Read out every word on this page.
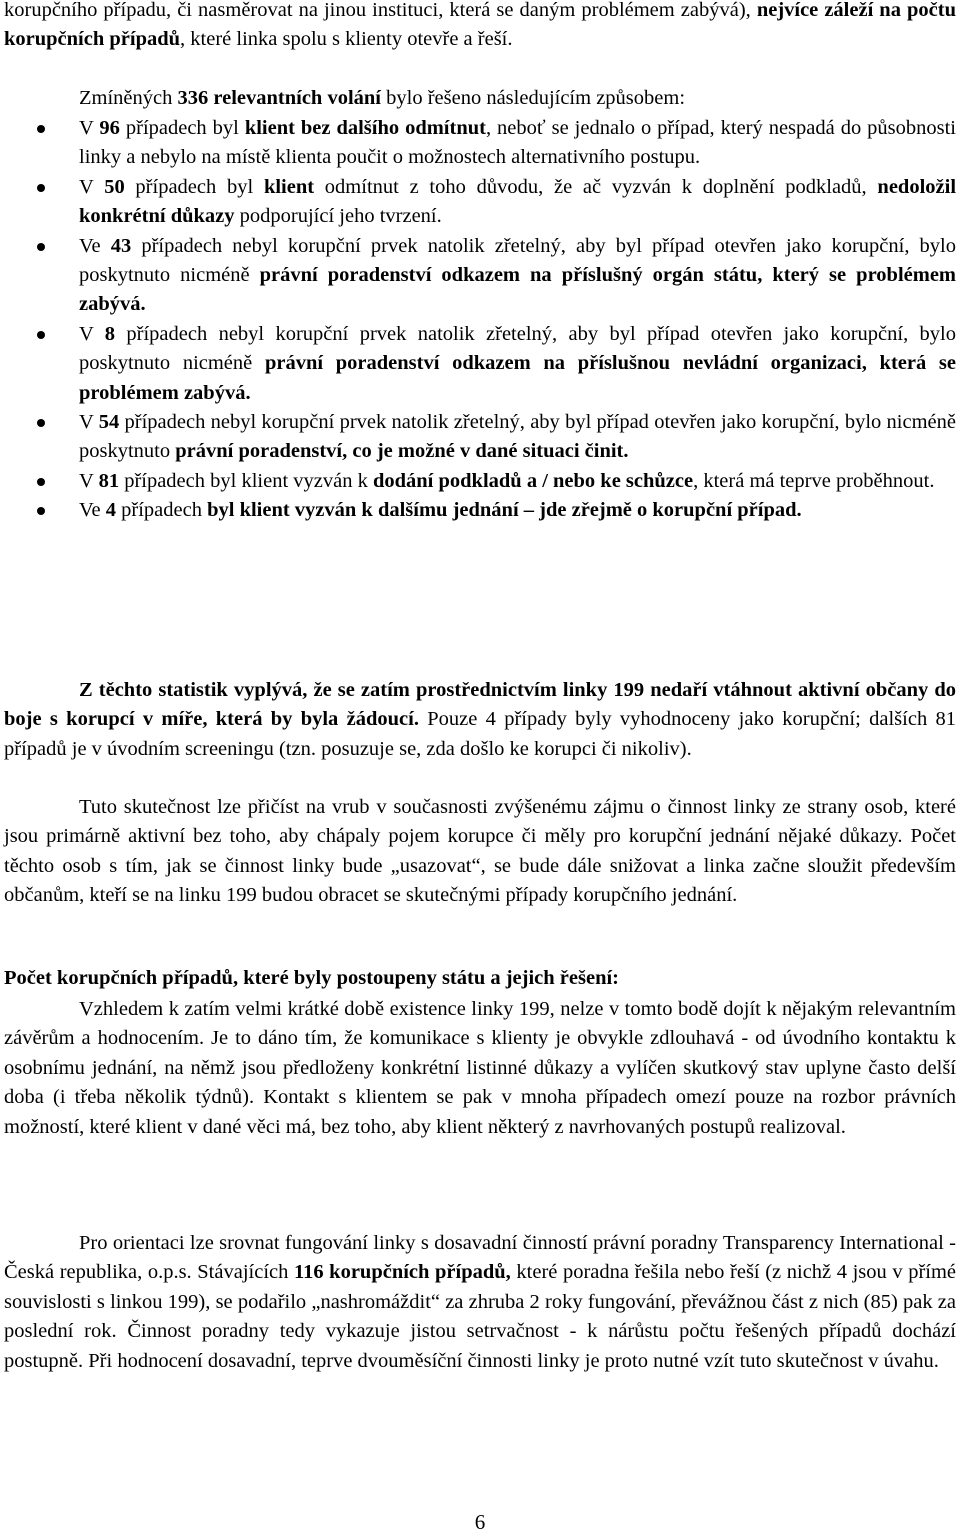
korupčního případu, či nasměrovat na jinou instituci, která se daným problémem zabývá), nejvíce záleží na počtu korupčních případů, které linka spolu s klienty otevře a řeší.

Zmíněných 336 relevantních volání bylo řešeno následujícím způsobem:

V 96 případech byl klient bez dalšího odmítnut, neboť se jednalo o případ, který nespadá do působnosti linky a nebylo na místě klienta poučit o možnostech alternativního postupu.
V 50 případech byl klient odmítnut z toho důvodu, že ač vyzván k doplnění podkladů, nedoložil konkrétní důkazy podporující jeho tvrzení.
Ve 43 případech nebyl korupční prvek natolik zřetelný, aby byl případ otevřen jako korupční, bylo poskytnuto nicméně právní poradenství odkazem na příslušný orgán státu, který se problémem zabývá.
V 8 případech nebyl korupční prvek natolik zřetelný, aby byl případ otevřen jako korupční, bylo poskytnuto nicméně právní poradenství odkazem na příslušnou nevládní organizaci, která se problémem zabývá.
V 54 případech nebyl korupční prvek natolik zřetelný, aby byl případ otevřen jako korupční, bylo nicméně poskytnuto právní poradenství, co je možné v dané situaci činit.
V 81 případech byl klient vyzván k dodání podkladů a / nebo ke schůzce, která má teprve proběhnout.
Ve 4 případech byl klient vyzván k dalšímu jednání – jde zřejmě o korupční případ.

Z těchto statistik vyplývá, že se zatím prostřednictvím linky 199 nedaří vtáhnout aktivní občany do boje s korupcí v míře, která by byla žádoucí. Pouze 4 případy byly vyhodnoceny jako korupční; dalších 81 případů je v úvodním screeningu (tzn. posuzuje se, zda došlo ke korupci či nikoliv).

Tuto skutečnost lze přičíst na vrub v současnosti zvýšenému zájmu o činnost linky ze strany osob, které jsou primárně aktivní bez toho, aby chápaly pojem korupce či měly pro korupční jednání nějaké důkazy. Počet těchto osob s tím, jak se činnost linky bude „usazovat“, se bude dále snižovat a linka začne sloužit především občanům, kteří se na linku 199 budou obracet se skutečnými případy korupčního jednání.

Počet korupčních případů, které byly postoupeny státu a jejich řešení:

Vzhledem k zatím velmi krátké době existence linky 199, nelze v tomto bodě dojít k nějakým relevantním závěrům a hodnocením. Je to dáno tím, že komunikace s klienty je obvykle zdlouhavá - od úvodního kontaktu k osobnímu jednání, na němž jsou předloženy konkrétní listinné důkazy a vylíčen skutkový stav uplyne často delší doba (i třeba několik týdnů). Kontakt s klientem se pak v mnoha případech omezí pouze na rozbor právních možností, které klient v dané věci má, bez toho, aby klient některý z navrhovaných postupů realizoval.

Pro orientaci lze srovnat fungování linky s dosavadní činností právní poradny Transparency International - Česká republika, o.p.s. Stávajících 116 korupčních případů, které poradna řešila nebo řeší (z nichž 4 jsou v přímé souvislosti s linkou 199), se podařilo „nashromáždit“ za zhruba 2 roky fungování, převážnou část z nich (85) pak za poslední rok. Činnost poradny tedy vykazuje jistou setrvačnost - k nárůstu počtu řešených případů dochází postupně. Při hodnocení dosavadní, teprve dvouměsíční činnosti linky je proto nutné vzít tuto skutečnost v úvahu.

6
